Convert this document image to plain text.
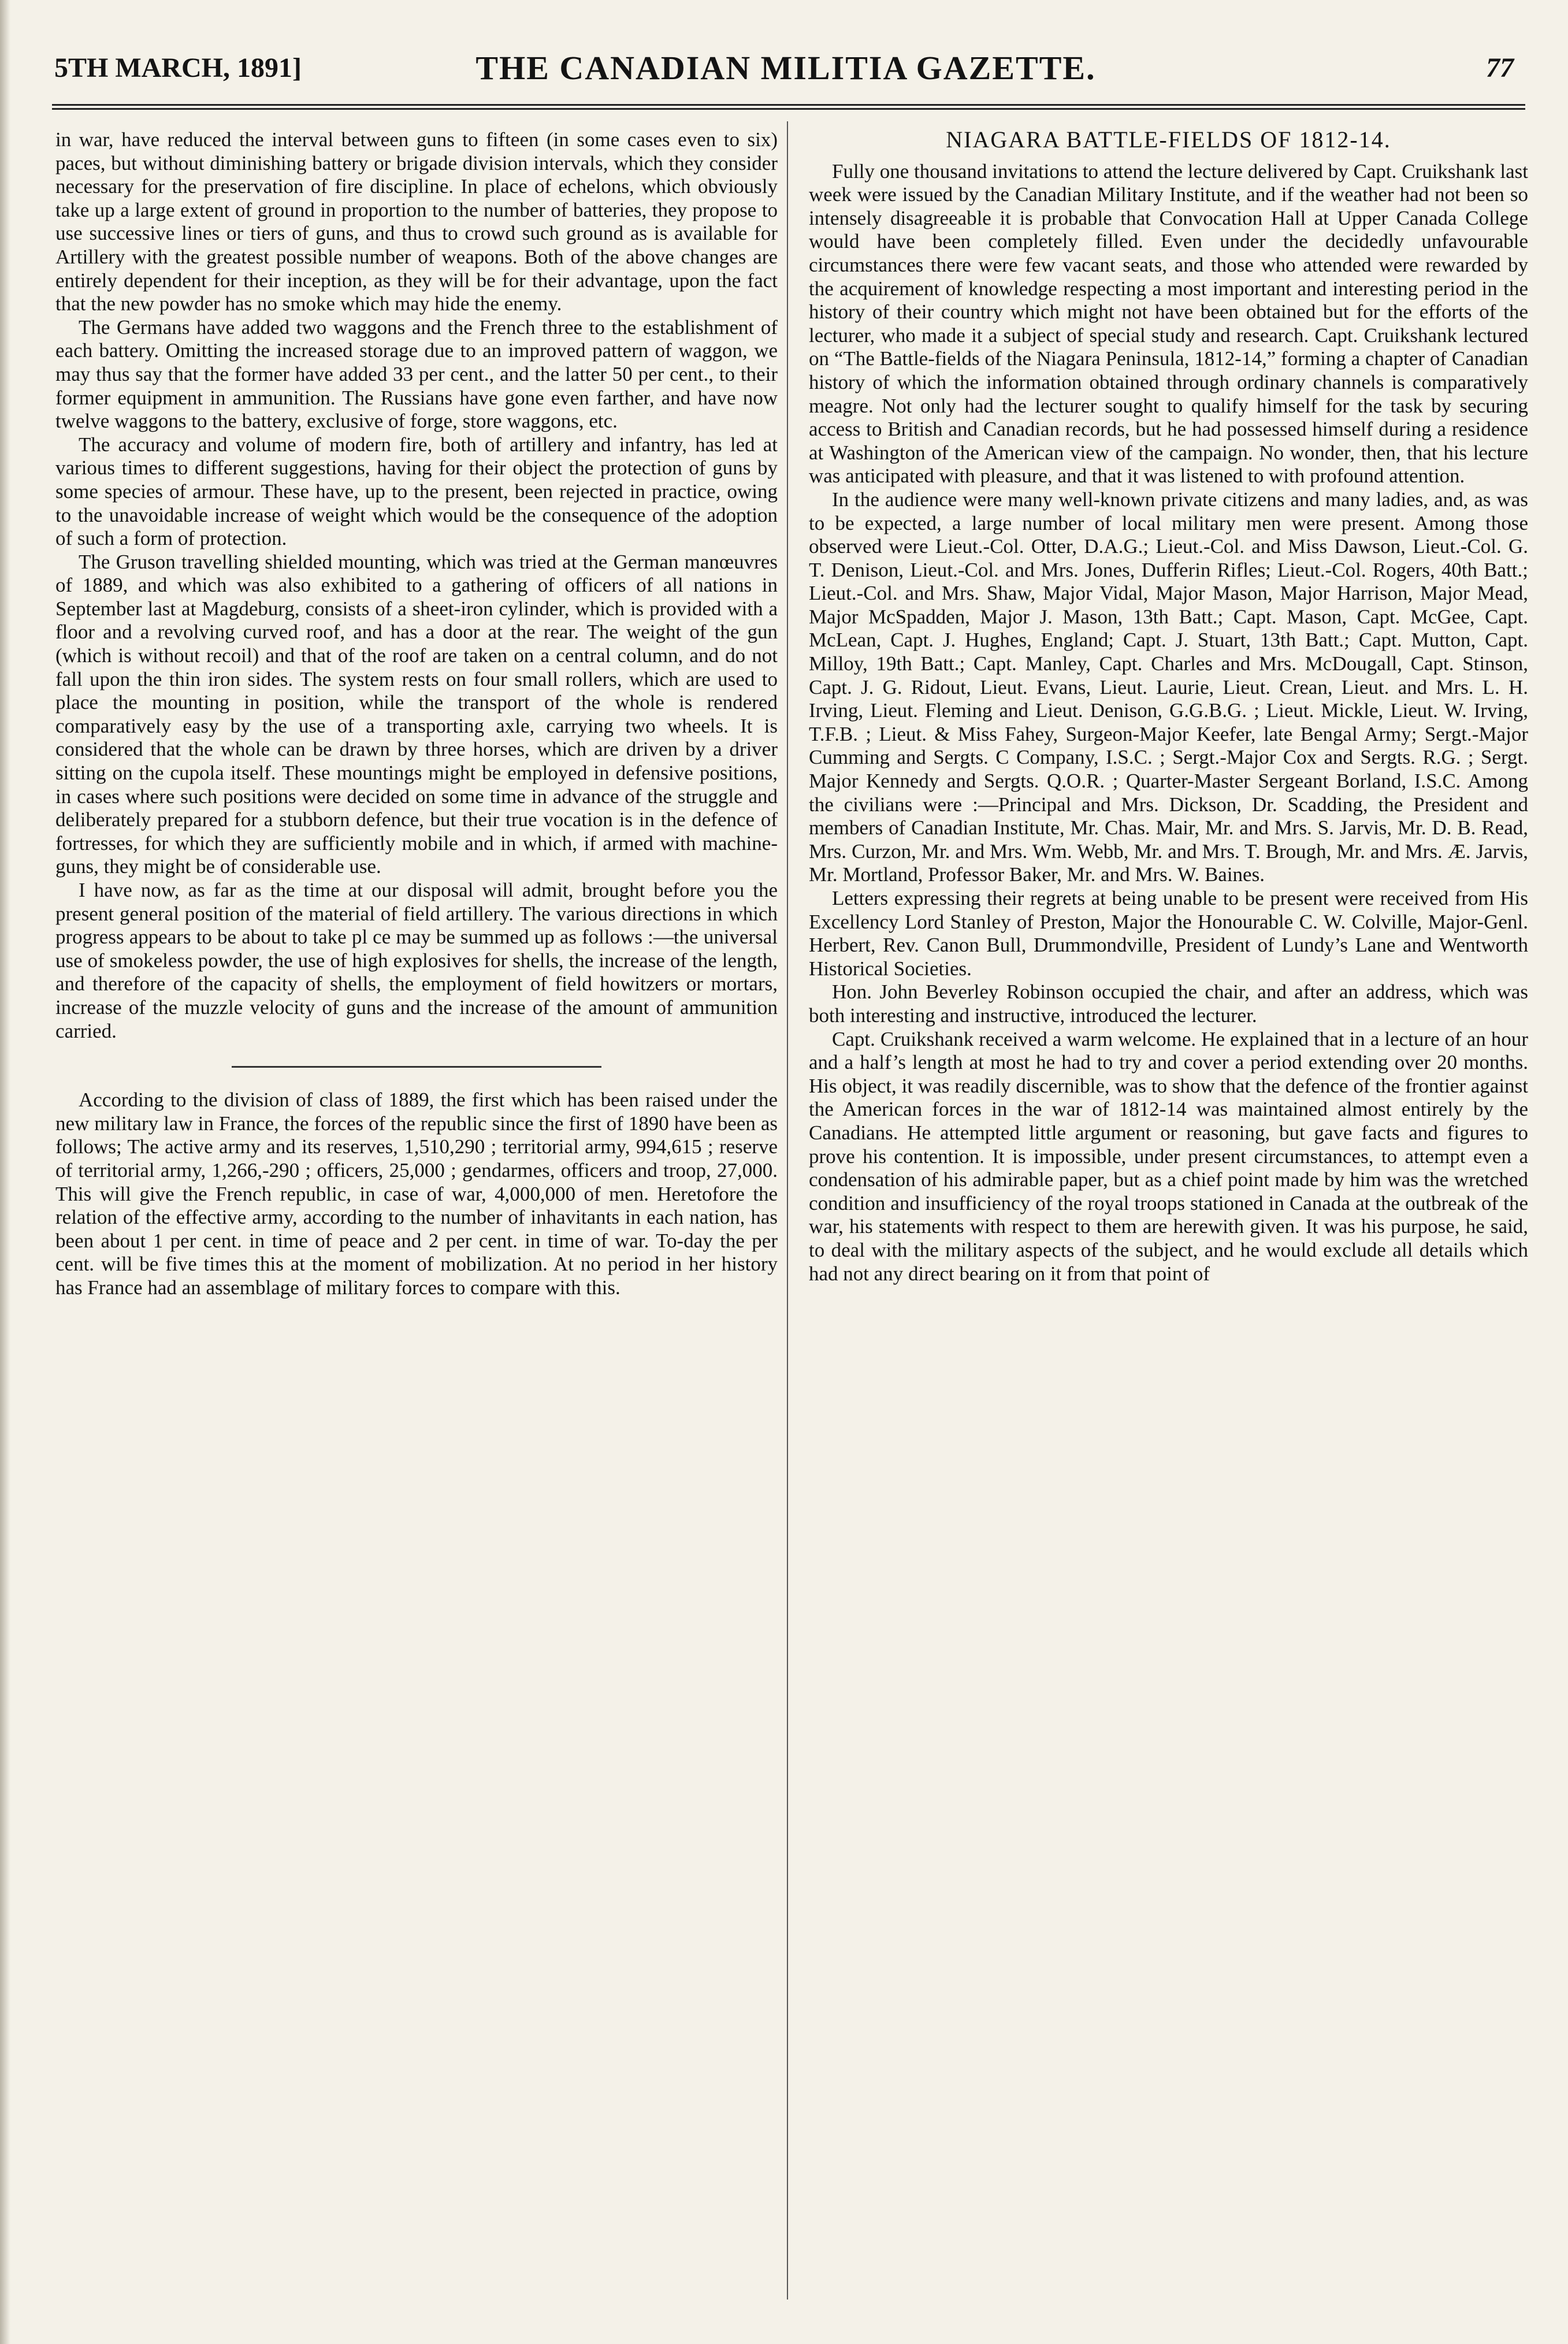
5TH MARCH, 1891]	THE CANADIAN MILITIA GAZETTE.	77

in war, have reduced the interval between guns to fifteen (in some cases even to six) paces, but without diminishing battery or brigade division intervals, which they consider necessary for the preservation of fire discipline. In place of echelons, which obviously take up a large extent of ground in proportion to the number of batteries, they propose to use successive lines or tiers of guns, and thus to crowd such ground as is available for Artillery with the greatest possible number of weapons. Both of the above changes are entirely dependent for their inception, as they will be for their advantage, upon the fact that the new powder has no smoke which may hide the enemy.

The Germans have added two waggons and the French three to the establishment of each battery. Omitting the increased storage due to an improved pattern of waggon, we may thus say that the former have added 33 per cent., and the latter 50 per cent., to their former equipment in ammunition. The Russians have gone even farther, and have now twelve waggons to the battery, exclusive of forge, store waggons, etc.

The accuracy and volume of modern fire, both of artillery and infantry, has led at various times to different suggestions, having for their object the protection of guns by some species of armour. These have, up to the present, been rejected in practice, owing to the unavoidable increase of weight which would be the consequence of the adoption of such a form of protection.

The Gruson travelling shielded mounting, which was tried at the German manœuvres of 1889, and which was also exhibited to a gathering of officers of all nations in September last at Magdeburg, consists of a sheet-iron cylinder, which is provided with a floor and a revolving curved roof, and has a door at the rear. The weight of the gun (which is without recoil) and that of the roof are taken on a central column, and do not fall upon the thin iron sides. The system rests on four small rollers, which are used to place the mounting in position, while the transport of the whole is rendered comparatively easy by the use of a transporting axle, carrying two wheels. It is considered that the whole can be drawn by three horses, which are driven by a driver sitting on the cupola itself. These mountings might be employed in defensive positions, in cases where such positions were decided on some time in advance of the struggle and deliberately prepared for a stubborn defence, but their true vocation is in the defence of fortresses, for which they are sufficiently mobile and in which, if armed with machine-guns, they might be of considerable use.

I have now, as far as the time at our disposal will admit, brought before you the present general position of the material of field artillery. The various directions in which progress appears to be about to take pl ce may be summed up as follows :—the universal use of smokeless powder, the use of high explosives for shells, the increase of the length, and therefore of the capacity of shells, the employment of field howitzers or mortars, increase of the muzzle velocity of guns and the increase of the amount of ammunition carried.

According to the division of class of 1889, the first which has been raised under the new military law in France, the forces of the republic since the first of 1890 have been as follows; The active army and its reserves, 1,510,290 ; territorial army, 994,615 ; reserve of territorial army, 1,266,-290 ; officers, 25,000 ; gendarmes, officers and troop, 27,000. This will give the French republic, in case of war, 4,000,000 of men. Heretofore the relation of the effective army, according to the number of inhavitants in each nation, has been about 1 per cent. in time of peace and 2 per cent. in time of war. To-day the per cent. will be five times this at the moment of mobilization. At no period in her history has France had an assemblage of military forces to compare with this.

NIAGARA BATTLE-FIELDS OF 1812-14.

Fully one thousand invitations to attend the lecture delivered by Capt. Cruikshank last week were issued by the Canadian Military Institute, and if the weather had not been so intensely disagreeable it is probable that Convocation Hall at Upper Canada College would have been completely filled. Even under the decidedly unfavourable circumstances there were few vacant seats, and those who attended were rewarded by the acquirement of knowledge respecting a most important and interesting period in the history of their country which might not have been obtained but for the efforts of the lecturer, who made it a subject of special study and research. Capt. Cruikshank lectured on “The Battle-fields of the Niagara Peninsula, 1812-14,” forming a chapter of Canadian history of which the information obtained through ordinary channels is comparatively meagre. Not only had the lecturer sought to qualify himself for the task by securing access to British and Canadian records, but he had possessed himself during a residence at Washington of the American view of the campaign. No wonder, then, that his lecture was anticipated with pleasure, and that it was listened to with profound attention.

In the audience were many well-known private citizens and many ladies, and, as was to be expected, a large number of local military men were present. Among those observed were Lieut.-Col. Otter, D.A.G.; Lieut.-Col. and Miss Dawson, Lieut.-Col. G. T. Denison, Lieut.-Col. and Mrs. Jones, Dufferin Rifles; Lieut.-Col. Rogers, 40th Batt.; Lieut.-Col. and Mrs. Shaw, Major Vidal, Major Mason, Major Harrison, Major Mead, Major McSpadden, Major J. Mason, 13th Batt.; Capt. Mason, Capt. McGee, Capt. McLean, Capt. J. Hughes, England; Capt. J. Stuart, 13th Batt.; Capt. Mutton, Capt. Milloy, 19th Batt.; Capt. Manley, Capt. Charles and Mrs. McDougall, Capt. Stinson, Capt. J. G. Ridout, Lieut. Evans, Lieut. Laurie, Lieut. Crean, Lieut. and Mrs. L. H. Irving, Lieut. Fleming and Lieut. Denison, G.G.B.G. ; Lieut. Mickle, Lieut. W. Irving, T.F.B. ; Lieut. & Miss Fahey, Surgeon-Major Keefer, late Bengal Army; Sergt.-Major Cumming and Sergts. C Company, I.S.C. ; Sergt.-Major Cox and Sergts. R.G. ; Sergt. Major Kennedy and Sergts. Q.O.R. ; Quarter-Master Sergeant Borland, I.S.C. Among the civilians were :—Principal and Mrs. Dickson, Dr. Scadding, the President and members of Canadian Institute, Mr. Chas. Mair, Mr. and Mrs. S. Jarvis, Mr. D. B. Read, Mrs. Curzon, Mr. and Mrs. Wm. Webb, Mr. and Mrs. T. Brough, Mr. and Mrs. Æ. Jarvis, Mr. Mortland, Professor Baker, Mr. and Mrs. W. Baines.

Letters expressing their regrets at being unable to be present were received from His Excellency Lord Stanley of Preston, Major the Honourable C. W. Colville, Major-Genl. Herbert, Rev. Canon Bull, Drummondville, President of Lundy’s Lane and Wentworth Historical Societies.

Hon. John Beverley Robinson occupied the chair, and after an address, which was both interesting and instructive, introduced the lecturer.

Capt. Cruikshank received a warm welcome. He explained that in a lecture of an hour and a half’s length at most he had to try and cover a period extending over 20 months. His object, it was readily discernible, was to show that the defence of the frontier against the American forces in the war of 1812-14 was maintained almost entirely by the Canadians. He attempted little argument or reasoning, but gave facts and figures to prove his contention. It is impossible, under present circumstances, to attempt even a condensation of his admirable paper, but as a chief point made by him was the wretched condition and insufficiency of the royal troops stationed in Canada at the outbreak of the war, his statements with respect to them are herewith given. It was his purpose, he said, to deal with the military aspects of the subject, and he would exclude all details which had not any direct bearing on it from that point of
